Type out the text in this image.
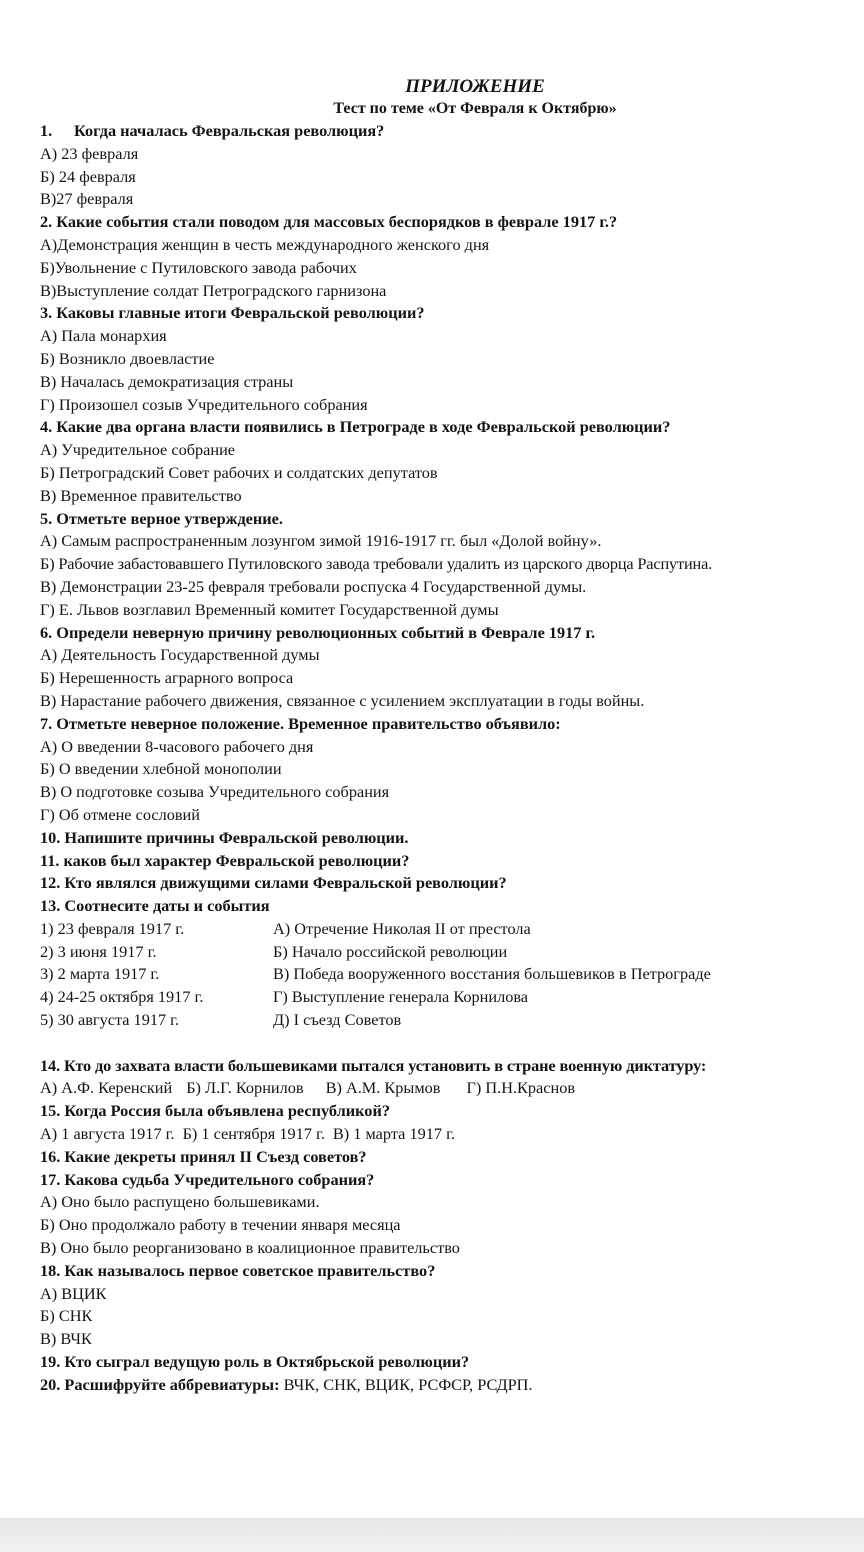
ПРИЛОЖЕНИЕ
Тест по теме «От Февраля к Октябрю»
1. Когда началась Февральская революция?
А) 23 февраля
Б) 24 февраля
В)27 февраля
2. Какие события стали поводом для массовых беспорядков в феврале 1917 г.?
А)Демонстрация женщин в честь международного женского дня
Б)Увольнение с Путиловского завода рабочих
В)Выступление солдат Петроградского гарнизона
3. Каковы главные итоги Февральской революции?
А) Пала монархия
Б) Возникло двоевластие
В) Началась демократизация страны
Г) Произошел созыв Учредительного собрания
4. Какие два органа власти появились в Петрограде в ходе Февральской революции?
А) Учредительное собрание
Б) Петроградский Совет рабочих и солдатских депутатов
В) Временное правительство
5. Отметьте верное утверждение.
А) Самым распространенным лозунгом зимой 1916-1917 гг. был «Долой войну».
Б) Рабочие забастовавшего Путиловского завода требовали удалить из царского дворца Распутина.
В) Демонстрации 23-25 февраля требовали роспуска 4 Государственной думы.
Г) Е. Львов возглавил Временный комитет Государственной думы
6. Определи неверную причину революционных событий в Феврале 1917 г.
А) Деятельность Государственной думы
Б) Нерешенность аграрного вопроса
В) Нарастание рабочего движения, связанное с усилением эксплуатации в годы войны.
7. Отметьте неверное положение. Временное правительство объявило:
А) О введении 8-часового рабочего дня
Б) О введении хлебной монополии
В) О подготовке созыва Учредительного собрания
Г) Об отмене сословий
10. Напишите причины Февральской революции.
11. каков был характер Февральской революции?
12. Кто являлся движущими силами Февральской революции?
13. Соотнесите даты и события
1) 23 февраля 1917 г.	А) Отречение Николая II от престола
2) 3 июня 1917 г.	Б) Начало российской революции
3) 2 марта 1917 г.	В) Победа вооруженного восстания большевиков в Петрограде
4) 24-25 октября 1917 г.	Г) Выступление генерала Корнилова
5) 30 августа 1917 г.	Д) I съезд Советов
14. Кто до захвата власти большевиками пытался установить в стране военную диктатуру:
А) А.Ф. Керенский Б) Л.Г. Корнилов В) А.М. Крымов Г) П.Н.Краснов
15. Когда Россия была объявлена республикой?
А) 1 августа 1917 г. Б) 1 сентября 1917 г. В) 1 марта 1917 г.
16. Какие декреты принял II Съезд советов?
17. Какова судьба Учредительного собрания?
А) Оно было распущено большевиками.
Б) Оно продолжало работу в течении января месяца
В) Оно было реорганизовано в коалиционное правительство
18. Как называлось первое советское правительство?
А) ВЦИК
Б) СНК
В) ВЧК
19. Кто сыграл ведущую роль в Октябрьской революции?
20. Расшифруйте аббревиатуры: ВЧК, СНК, ВЦИК, РСФСР, РСДРП.
